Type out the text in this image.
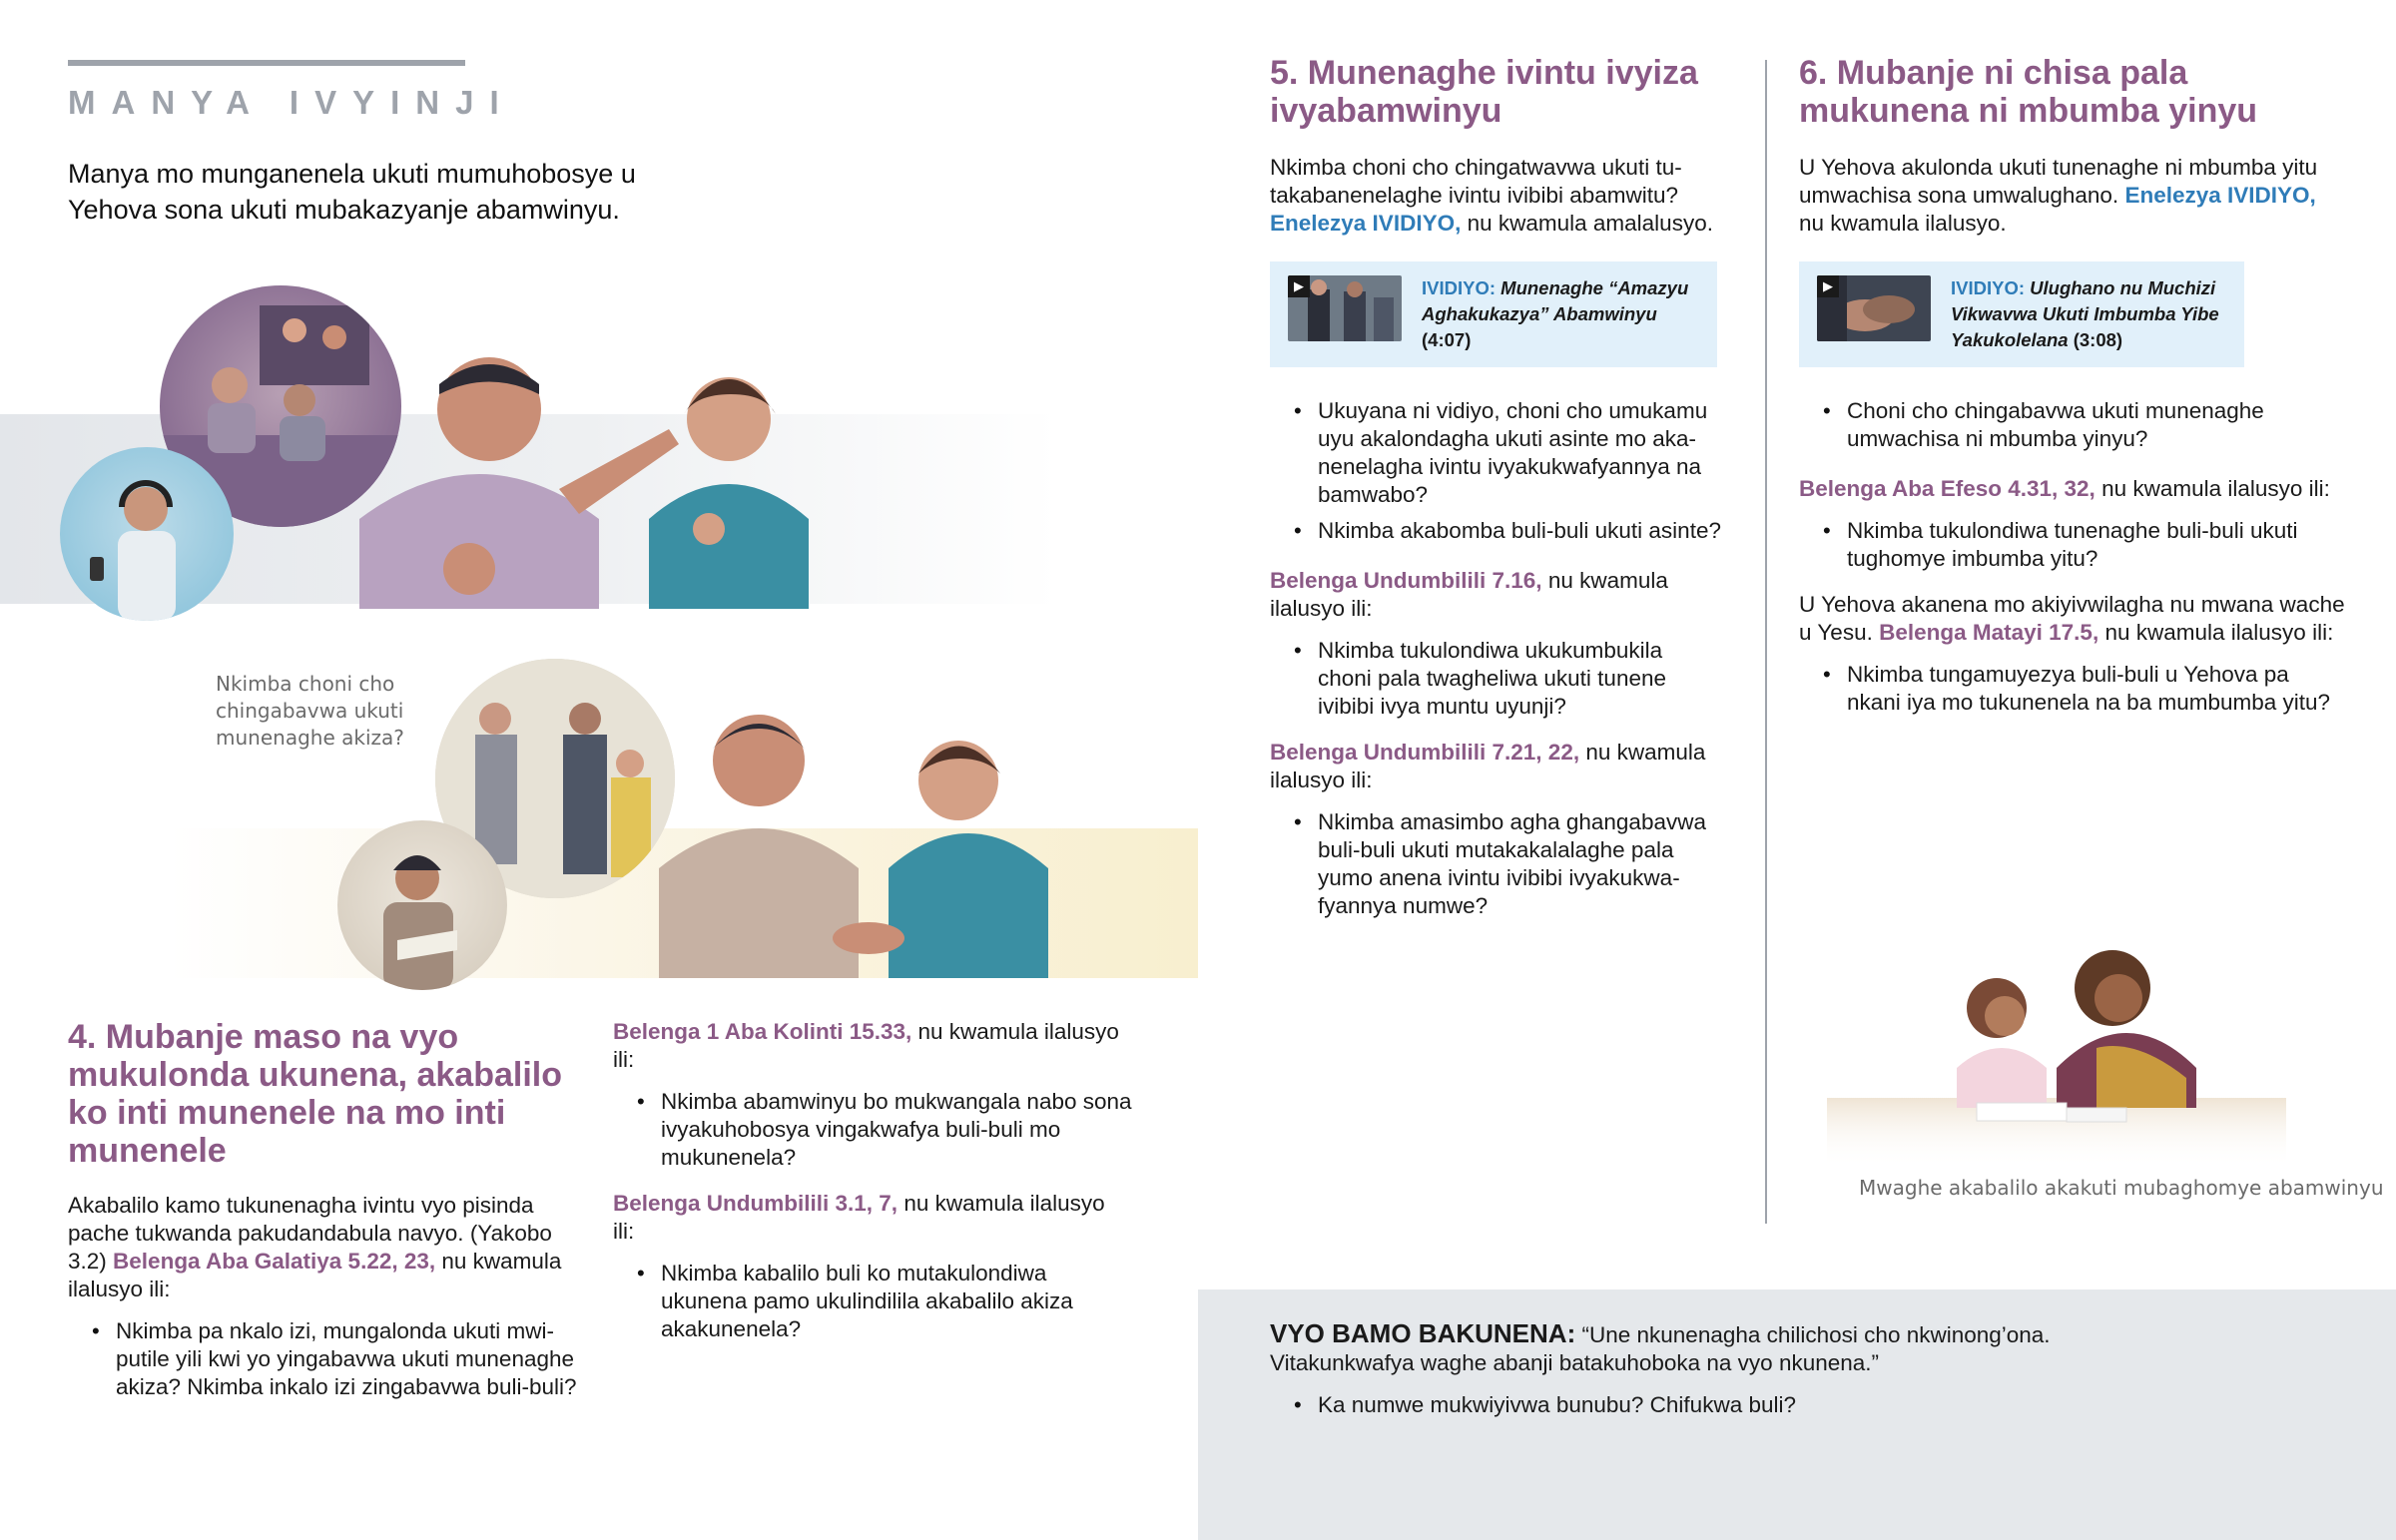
MANYA IVYINJI
Manya mo munganenela ukuti mumuhobosye u Yehova sona ukuti mubakazyanje abamwinyu.
Nkimba choni cho chingabavwa ukuti munenaghe akiza?
4. Mubanje maso na vyo mukulonda ukunena, akabalilo ko inti munenele na mo inti munenele
Akabalilo kamo tukunenagha ivintu vyo pisinda pache tukwanda pakudandabula navyo. (Yakobo 3.2) Belenga Aba Galatiya 5.22, 23, nu kwamula ilalusyo ili:
• Nkimba pa nkalo izi, mungalonda ukuti mwiputile yili kwi yo yingabavwa ukuti munenaghe akiza? Nkimba inkalo izi zingabavwa buli-buli?
Belenga 1 Aba Kolinti 15.33, nu kwamula ilalusyo ili:
• Nkimba abamwinyu bo mukwangala nabo sona ivyakuhobosya vingakwafya buli-buli mo mukunenela?
Belenga Undumbilili 3.1, 7, nu kwamula ilalusyo ili:
• Nkimba kabalilo buli ko mutakulondiwa ukunena pamo ukulindilila akabalilo akiza akakunenela?
5. Munenaghe ivintu ivyiza ivyabamwinyu
Nkimba choni cho chingatwavwa ukuti tutakabanenelaghe ivintu ivibibi abamwitu? Enelezya IVIDIYO, nu kwamula amalalusyo.
▶	IVIDIYO: Munenaghe “Amazyu Aghakukazya” Abamwinyu (4:07)
• Ukuyana ni vidiyo, choni cho umukamu uyu akalondagha ukuti asinte mo akanenelagha ivintu ivyakukwafyannya na bamwabo?
• Nkimba akabomba buli-buli ukuti asinte?
Belenga Undumbilili 7.16, nu kwamula ilalusyo ili:
• Nkimba tukulondiwa ukukumbukila choni pala twagheliwa ukuti tunene ivibibi ivya muntu uyunji?
Belenga Undumbilili 7.21, 22, nu kwamula ilalusyo ili:
• Nkimba amasimbo agha ghangabavwa buli-buli ukuti mutakakalalaghe pala yumo anena ivintu ivibibi ivyakukwafyannya numwe?
6. Mubanje ni chisa pala mukunena ni mbumba yinyu
U Yehova akulonda ukuti tunenaghe ni mbumba yitu umwachisa sona umwalughano. Enelezya IVIDIYO, nu kwamula ilalusyo.
▶	IVIDIYO: Ulughano nu Muchizi Vikwavwa Ukuti Imbumba Yibe Yakukolelana (3:08)
• Choni cho chingabavwa ukuti munenaghe umwachisa ni mbumba yinyu?
Belenga Aba Efeso 4.31, 32, nu kwamula ilalusyo ili:
• Nkimba tukulondiwa tunenaghe buli-buli ukuti tughomye imbumba yitu?
U Yehova akanena mo akiyivwilagha nu mwana wache u Yesu. Belenga Matayi 17.5, nu kwamula ilalusyo ili:
• Nkimba tungamuyezya buli-buli u Yehova pa nkani iya mo tukunenela na ba mumbumba yitu?
Mwaghe akabalilo akakuti mubaghomye abamwinyu
VYO BAMO BAKUNENA: “Une nkunenagha chilichosi cho nkwinong’ona. Vitakunkwafya waghe abanji batakuhoboka na vyo nkunena.”
• Ka numwe mukwiyivwa bunubu? Chifukwa buli?
